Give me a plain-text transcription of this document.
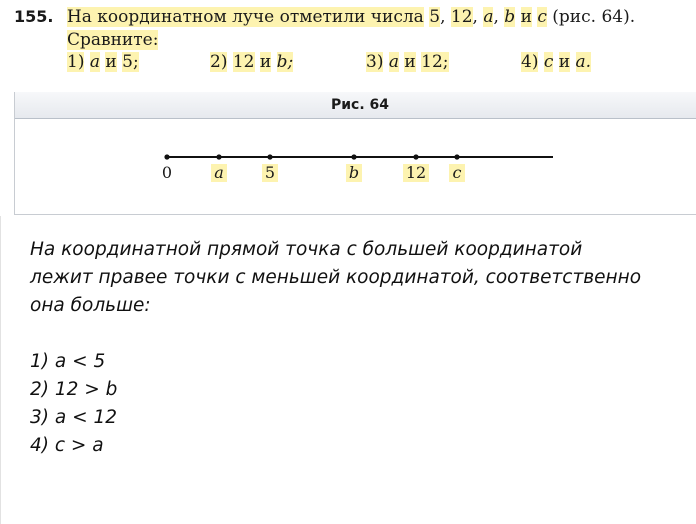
155. На координатном луче отметили числа 5, 12, a, b и c (рис. 64).
Сравните:
1) a и 5;	2) 12 и b;	3) a и 12;	4) c и a.
Рис. 64
0	a	5	b	12 c

На координатной прямой точка с большей координатой

лежит правее точки с меньшей координатой, соответственно

она больше:

1) a < 5

2) 12 > b

3) a < 12

4) c > a
